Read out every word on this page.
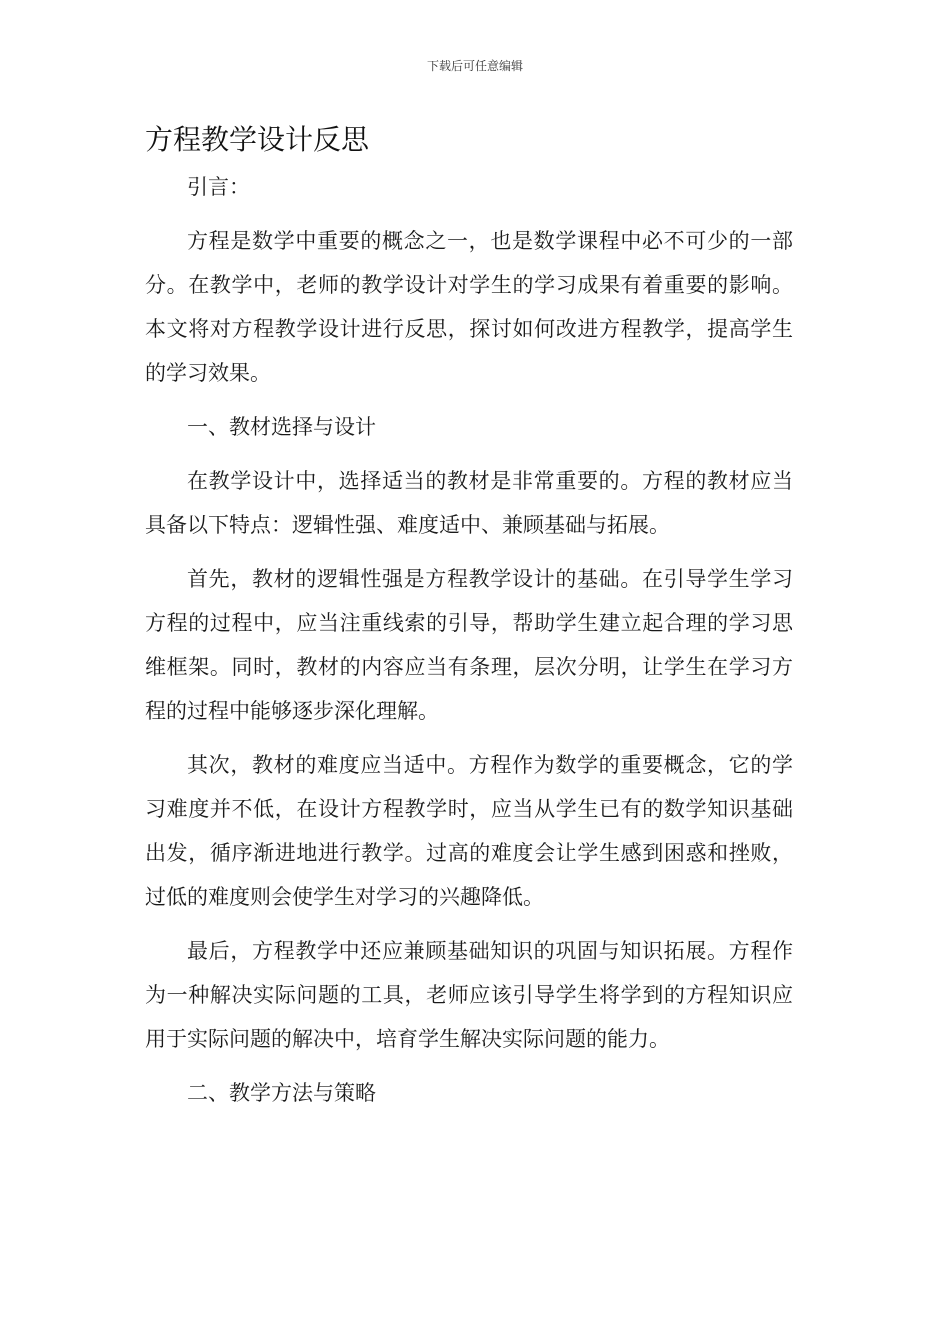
下载后可任意编辑
方程教学设计反思

引言：

方程是数学中重要的概念之一，也是数学课程中必不可少的一部分。在教学中，老师的教学设计对学生的学习成果有着重要的影响。本文将对方程教学设计进行反思，探讨如何改进方程教学，提高学生的学习效果。

一、教材选择与设计

在教学设计中，选择适当的教材是非常重要的。方程的教材应当具备以下特点：逻辑性强、难度适中、兼顾基础与拓展。

首先，教材的逻辑性强是方程教学设计的基础。在引导学生学习方程的过程中，应当注重线索的引导，帮助学生建立起合理的学习思维框架。同时，教材的内容应当有条理，层次分明，让学生在学习方程的过程中能够逐步深化理解。

其次，教材的难度应当适中。方程作为数学的重要概念，它的学习难度并不低，在设计方程教学时，应当从学生已有的数学知识基础出发，循序渐进地进行教学。过高的难度会让学生感到困惑和挫败，过低的难度则会使学生对学习的兴趣降低。

最后，方程教学中还应兼顾基础知识的巩固与知识拓展。方程作为一种解决实际问题的工具，老师应该引导学生将学到的方程知识应用于实际问题的解决中，培育学生解决实际问题的能力。

二、教学方法与策略
